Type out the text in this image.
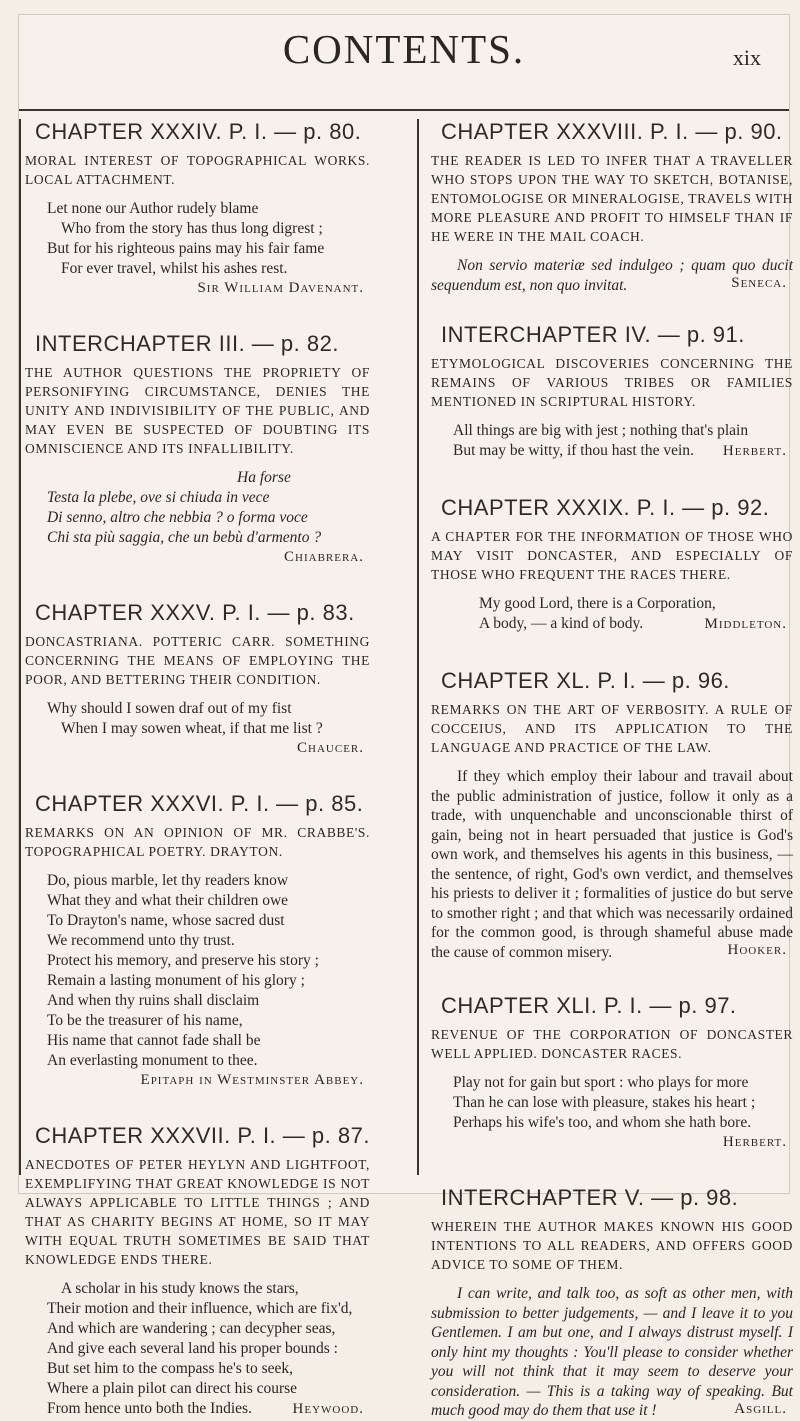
CONTENTS.	xix
CHAPTER XXXIV. P. I. — p. 80.
MORAL INTEREST OF TOPOGRAPHICAL WORKS. LOCAL ATTACHMENT.
Let none our Author rudely blame
Who from the story has thus long digrest ;
But for his righteous pains may his fair fame
For ever travel, whilst his ashes rest.
Sir William Davenant.
INTERCHAPTER III. — p. 82.
THE AUTHOR QUESTIONS THE PROPRIETY OF PERSONIFYING CIRCUMSTANCE, DENIES THE UNITY AND INDIVISIBILITY OF THE PUBLIC, AND MAY EVEN BE SUSPECTED OF DOUBTING ITS OMNISCIENCE AND ITS INFALLIBILITY.
Ha forse
Testa la plebe, ove si chiuda in vece
Di senno, altro che nebbia ? o forma voce
Chi sta più saggia, che un bebù d'armento ?
Chiabrera.
CHAPTER XXXV. P. I. — p. 83.
DONCASTRIANA. POTTERIC CARR. SOMETHING CONCERNING THE MEANS OF EMPLOYING THE POOR, AND BETTERING THEIR CONDITION.
Why should I sowen draf out of my fist
When I may sowen wheat, if that me list ?
Chaucer.
CHAPTER XXXVI. P. I. — p. 85.
REMARKS ON AN OPINION OF MR. CRABBE'S. TOPOGRAPHICAL POETRY. DRAYTON.
Do, pious marble, let thy readers know
What they and what their children owe
To Drayton's name, whose sacred dust
We recommend unto thy trust.
Protect his memory, and preserve his story ;
Remain a lasting monument of his glory ;
And when thy ruins shall disclaim
To be the treasurer of his name,
His name that cannot fade shall be
An everlasting monument to thee.
Epitaph in Westminster Abbey.
CHAPTER XXXVII. P. I. — p. 87.
ANECDOTES OF PETER HEYLYN AND LIGHTFOOT, EXEMPLIFYING THAT GREAT KNOWLEDGE IS NOT ALWAYS APPLICABLE TO LITTLE THINGS ; AND THAT AS CHARITY BEGINS AT HOME, SO IT MAY WITH EQUAL TRUTH SOMETIMES BE SAID THAT KNOWLEDGE ENDS THERE.
A scholar in his study knows the stars,
Their motion and their influence, which are fix'd,
And which are wandering ; can decypher seas,
And give each several land his proper bounds :
But set him to the compass he's to seek,
Where a plain pilot can direct his course
From hence unto both the Indies.	Heywood.
CHAPTER XXXVIII. P. I. — p. 90.
THE READER IS LED TO INFER THAT A TRAVELLER WHO STOPS UPON THE WAY TO SKETCH, BOTANISE, ENTOMOLOGISE OR MINERALOGISE, TRAVELS WITH MORE PLEASURE AND PROFIT TO HIMSELF THAN IF HE WERE IN THE MAIL COACH.
Non servio materiæ sed indulgeo ; quam quo ducit sequendum est, non quo invitat.	Seneca.
INTERCHAPTER IV. — p. 91.
ETYMOLOGICAL DISCOVERIES CONCERNING THE REMAINS OF VARIOUS TRIBES OR FAMILIES MENTIONED IN SCRIPTURAL HISTORY.
All things are big with jest ; nothing that's plain
But may be witty, if thou hast the vein. Herbert.
CHAPTER XXXIX. P. I. — p. 92.
A CHAPTER FOR THE INFORMATION OF THOSE WHO MAY VISIT DONCASTER, AND ESPECIALLY OF THOSE WHO FREQUENT THE RACES THERE.
My good Lord, there is a Corporation,
A body, — a kind of body.	Middleton.
CHAPTER XL. P. I. — p. 96.
REMARKS ON THE ART OF VERBOSITY. A RULE OF COCCEIUS, AND ITS APPLICATION TO THE LANGUAGE AND PRACTICE OF THE LAW.
If they which employ their labour and travail about the public administration of justice, follow it only as a trade, with unquenchable and unconscionable thirst of gain, being not in heart persuaded that justice is God's own work, and themselves his agents in this business, — the sentence, of right, God's own verdict, and themselves his priests to deliver it ; formalities of justice do but serve to smother right ; and that which was necessarily ordained for the common good, is through shameful abuse made the cause of common misery.	Hooker.
CHAPTER XLI. P. I. — p. 97.
REVENUE OF THE CORPORATION OF DONCASTER WELL APPLIED. DONCASTER RACES.
Play not for gain but sport : who plays for more
Than he can lose with pleasure, stakes his heart ;
Perhaps his wife's too, and whom she hath bore.
Herbert.
INTERCHAPTER V. — p. 98.
WHEREIN THE AUTHOR MAKES KNOWN HIS GOOD INTENTIONS TO ALL READERS, AND OFFERS GOOD ADVICE TO SOME OF THEM.
I can write, and talk too, as soft as other men, with submission to better judgements, — and I leave it to you Gentlemen. I am but one, and I always distrust myself. I only hint my thoughts : You'll please to consider whether you will not think that it may seem to deserve your consideration. — This is a taking way of speaking. But much good may do them that use it !	Asgill.
